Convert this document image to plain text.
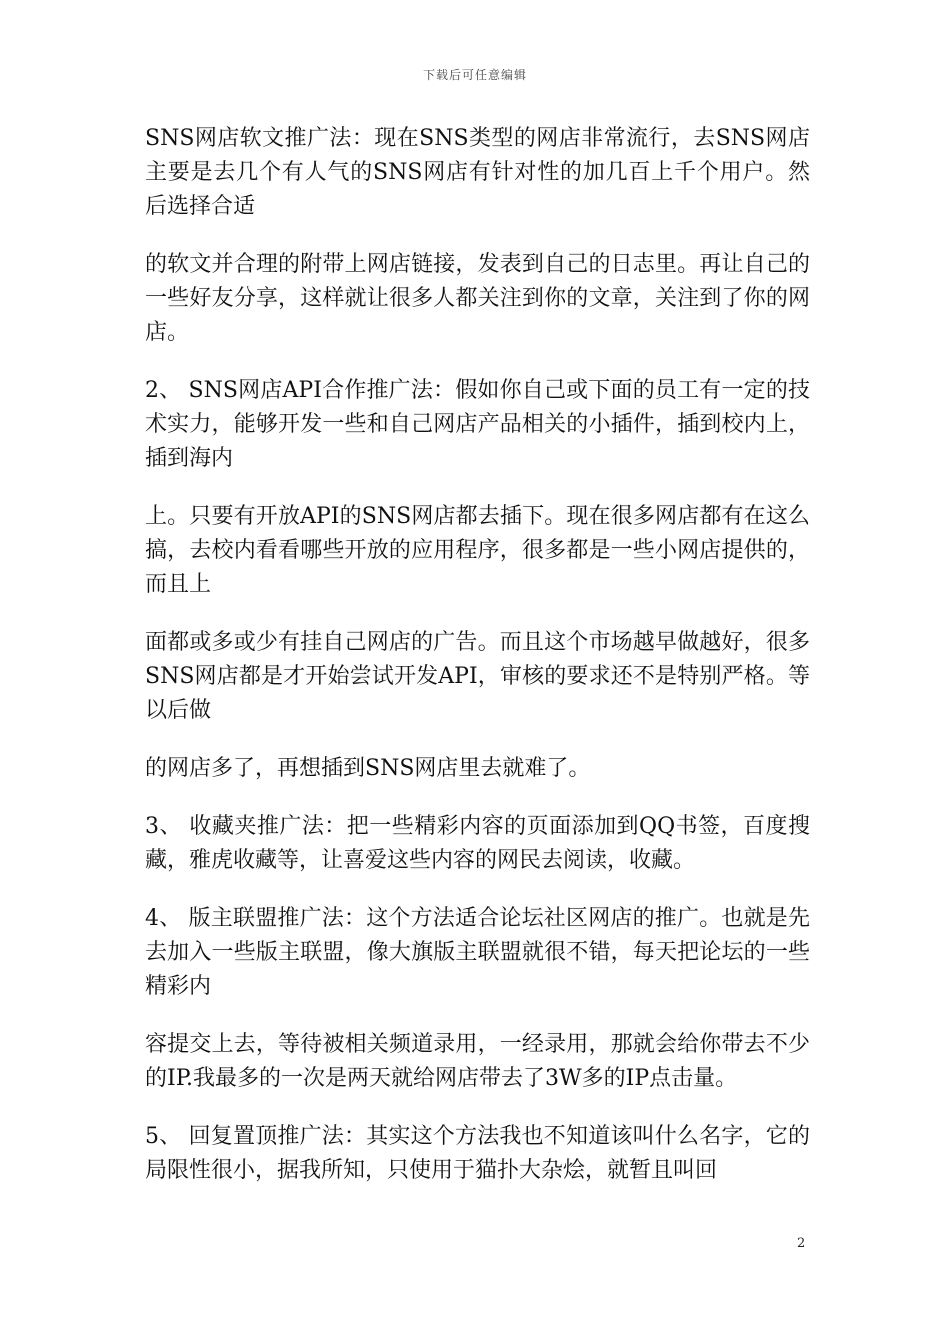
下载后可任意编辑

SNS网店软文推广法：现在SNS类型的网店非常流行，去SNS网店主要是去几个有人气的SNS网店有针对性的加几百上千个用户。然后选择合适

的软文并合理的附带上网店链接，发表到自己的日志里。再让自己的一些好友分享，这样就让很多人都关注到你的文章，关注到了你的网店。

2、 SNS网店API合作推广法：假如你自己或下面的员工有一定的技术实力，能够开发一些和自己网店产品相关的小插件，插到校内上，插到海内

上。只要有开放API的SNS网店都去插下。现在很多网店都有在这么搞，去校内看看哪些开放的应用程序，很多都是一些小网店提供的，而且上

面都或多或少有挂自己网店的广告。而且这个市场越早做越好，很多SNS网店都是才开始尝试开发API，审核的要求还不是特别严格。等以后做

的网店多了，再想插到SNS网店里去就难了。

3、 收藏夹推广法：把一些精彩内容的页面添加到QQ书签，百度搜藏，雅虎收藏等，让喜爱这些内容的网民去阅读，收藏。

4、 版主联盟推广法：这个方法适合论坛社区网店的推广。也就是先去加入一些版主联盟，像大旗版主联盟就很不错，每天把论坛的一些精彩内

容提交上去，等待被相关频道录用，一经录用，那就会给你带去不少的IP.我最多的一次是两天就给网店带去了3W多的IP点击量。

5、 回复置顶推广法：其实这个方法我也不知道该叫什么名字，它的局限性很小，据我所知，只使用于猫扑大杂烩，就暂且叫回

2
